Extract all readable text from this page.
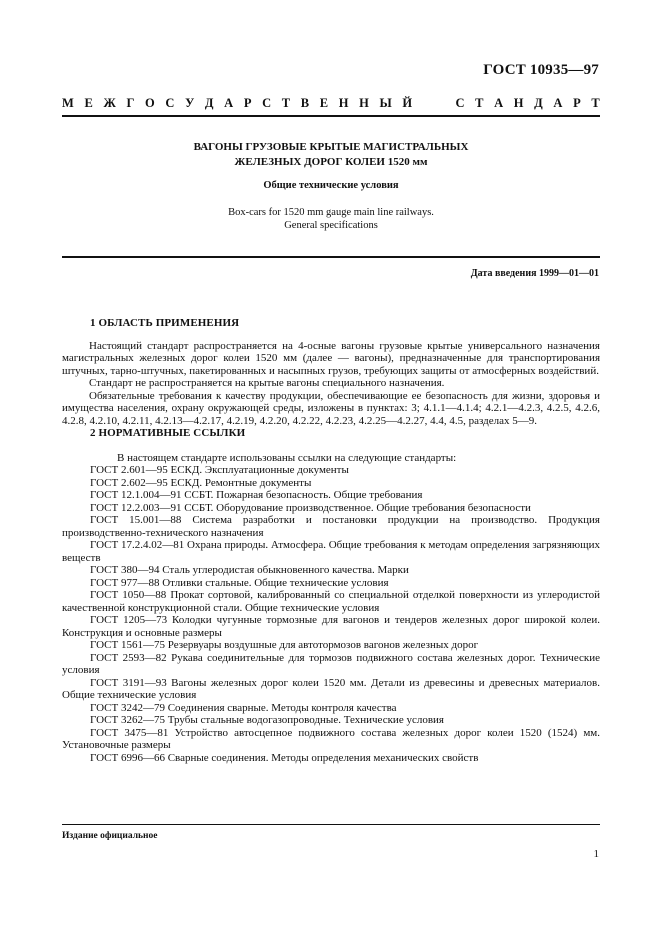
ГОСТ 10935—97
М Е Ж Г О С У Д А Р С Т В Е Н Н Ы Й	С Т А Н Д А Р Т
ВАГОНЫ ГРУЗОВЫЕ КРЫТЫЕ МАГИСТРАЛЬНЫХ
ЖЕЛЕЗНЫХ ДОРОГ КОЛЕИ 1520 мм
Общие технические условия
Box-cars for 1520 mm gauge main line railways.
General specifications
Дата введения 1999—01—01
1 ОБЛАСТЬ ПРИМЕНЕНИЯ

Настоящий стандарт распространяется на 4-осные вагоны грузовые крытые универсального назначения магистральных железных дорог колеи 1520 мм (далее — вагоны), предназначенные для транспортирования штучных, тарно-штучных, пакетированных и насыпных грузов, требующих защиты от атмосферных воздействий.

Стандарт не распространяется на крытые вагоны специального назначения.

Обязательные требования к качеству продукции, обеспечивающие ее безопасность для жизни, здоровья и имущества населения, охрану окружающей среды, изложены в пунктах: 3; 4.1.1—4.1.4; 4.2.1—4.2.3, 4.2.5, 4.2.6, 4.2.8, 4.2.10, 4.2.11, 4.2.13—4.2.17, 4.2.19, 4.2.20, 4.2.22, 4.2.23, 4.2.25—4.2.27, 4.4, 4.5, разделах 5—9.

2 НОРМАТИВНЫЕ ССЫЛКИ

В настоящем стандарте использованы ссылки на следующие стандарты:

ГОСТ 2.601—95 ЕСКД. Эксплуатационные документы

ГОСТ 2.602—95 ЕСКД. Ремонтные документы

ГОСТ 12.1.004—91 ССБТ. Пожарная безопасность. Общие требования

ГОСТ 12.2.003—91 ССБТ. Оборудование производственное. Общие требования безопасности

ГОСТ 15.001—88 Система разработки и постановки продукции на производство. Продукция производственно-технического назначения

ГОСТ 17.2.4.02—81 Охрана природы. Атмосфера. Общие требования к методам определения загрязняющих веществ

ГОСТ 380—94 Сталь углеродистая обыкновенного качества. Марки

ГОСТ 977—88 Отливки стальные. Общие технические условия

ГОСТ 1050—88 Прокат сортовой, калиброванный со специальной отделкой поверхности из углеродистой качественной конструкционной стали. Общие технические условия

ГОСТ 1205—73 Колодки чугунные тормозные для вагонов и тендеров железных дорог широкой колеи. Конструкция и основные размеры

ГОСТ 1561—75 Резервуары воздушные для автотормозов вагонов железных дорог

ГОСТ 2593—82 Рукава соединительные для тормозов подвижного состава железных дорог. Технические условия

ГОСТ 3191—93 Вагоны железных дорог колеи 1520 мм. Детали из древесины и древесных материалов. Общие технические условия

ГОСТ 3242—79 Соединения сварные. Методы контроля качества

ГОСТ 3262—75 Трубы стальные водогазопроводные. Технические условия

ГОСТ 3475—81 Устройство автосцепное подвижного состава железных дорог колеи 1520 (1524) мм. Установочные размеры

ГОСТ 6996—66 Сварные соединения. Методы определения механических свойств

Издание официальное
1
